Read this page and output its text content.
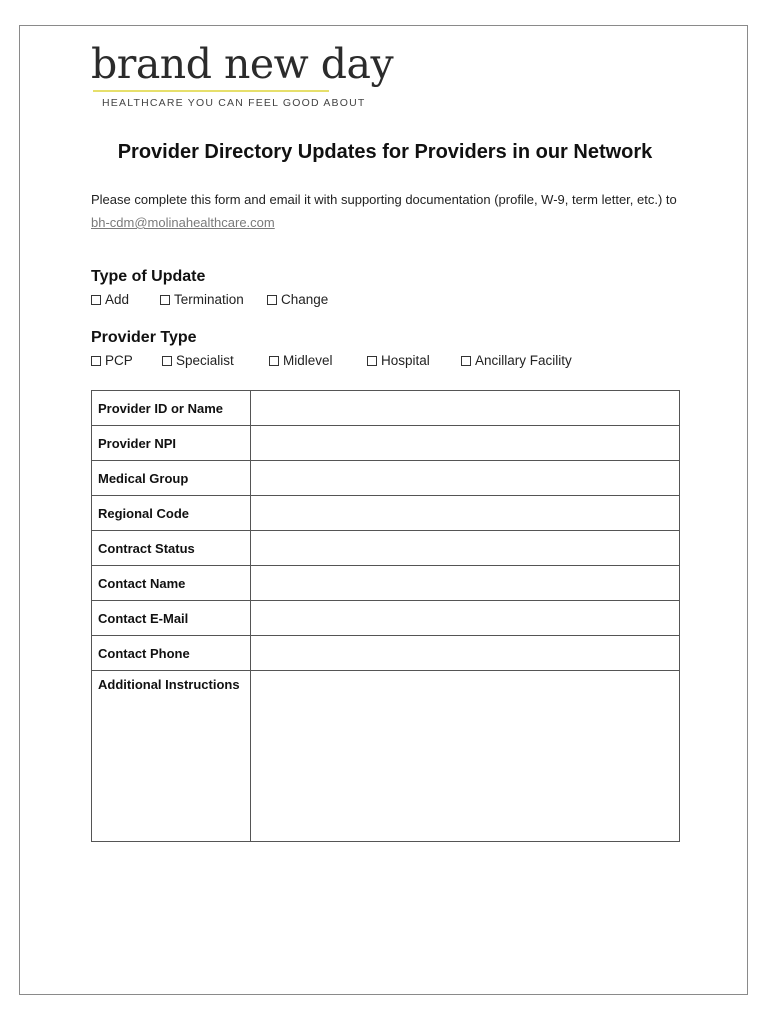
brand new day
HEALTHCARE YOU CAN FEEL GOOD ABOUT
Provider Directory Updates for Providers in our Network
Please complete this form and email it with supporting documentation (profile, W-9, term letter, etc.) to bh-cdm@molinahealthcare.com
Type of Update
Add	Termination	Change
Provider Type
PCP	Specialist	Midlevel	Hospital	Ancillary Facility
Provider ID or Name	
Provider NPI	
Medical Group	
Regional Code	
Contract Status	
Contact Name	
Contact E-Mail	
Contact Phone	
Additional Instructions	
